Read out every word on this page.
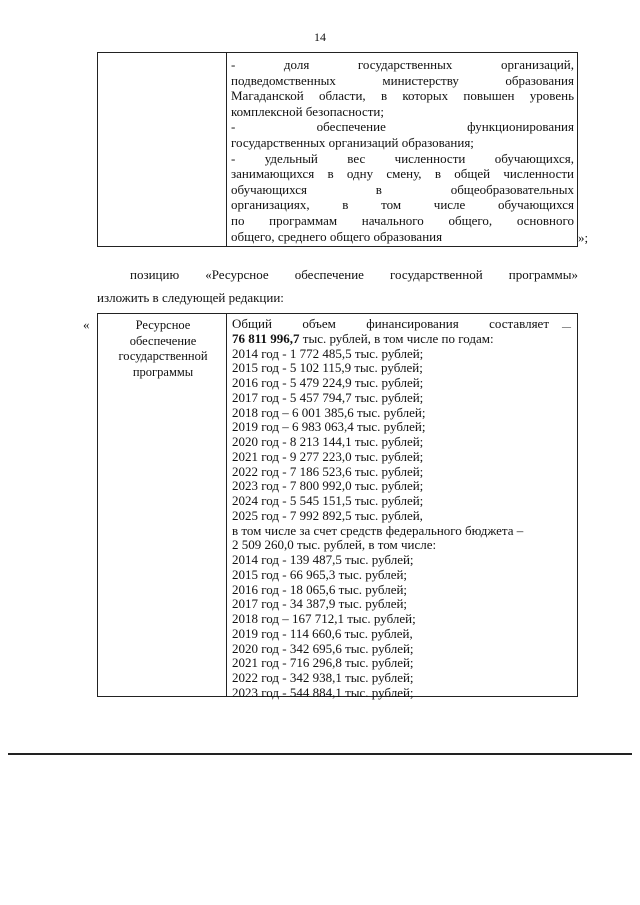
14
- доля государственных организаций,
подведомственных министерству образования
Магаданской области, в которых повышен уровень
комплексной безопасности;
- обеспечение функционирования
государственных организаций образования;
- удельный вес численности обучающихся,
занимающихся в одну смену, в общей численности
обучающихся в общеобразовательных
организациях, в том числе обучающихся
по программам начального общего, основного
общего, среднего общего образования	»;
позицию «Ресурсное обеспечение государственной программы»
изложить в следующей редакции:
«	Ресурсное обеспечение государственной программы
—
Общий объем финансирования составляет
76 811 996,7 тыс. рублей, в том числе по годам:
2014 год - 1 772 485,5 тыс. рублей;
2015 год - 5 102 115,9 тыс. рублей;
2016 год - 5 479 224,9 тыс. рублей;
2017 год - 5 457 794,7 тыс. рублей;
2018 год – 6 001 385,6 тыс. рублей;
2019 год – 6 983 063,4 тыс. рублей;
2020 год - 8 213 144,1 тыс. рублей;
2021 год - 9 277 223,0 тыс. рублей;
2022 год - 7 186 523,6 тыс. рублей;
2023 год - 7 800 992,0 тыс. рублей;
2024 год - 5 545 151,5 тыс. рублей;
2025 год - 7 992 892,5 тыс. рублей,
в том числе за счет средств федерального бюджета –
2 509 260,0 тыс. рублей, в том числе:
2014 год - 139 487,5 тыс. рублей;
2015 год - 66 965,3 тыс. рублей;
2016 год - 18 065,6 тыс. рублей;
2017 год - 34 387,9 тыс. рублей;
2018 год – 167 712,1 тыс. рублей;
2019 год - 114 660,6 тыс. рублей,
2020 год - 342 695,6 тыс. рублей;
2021 год - 716 296,8 тыс. рублей;
2022 год - 342 938,1 тыс. рублей;
2023 год - 544 884,1 тыс. рублей;
